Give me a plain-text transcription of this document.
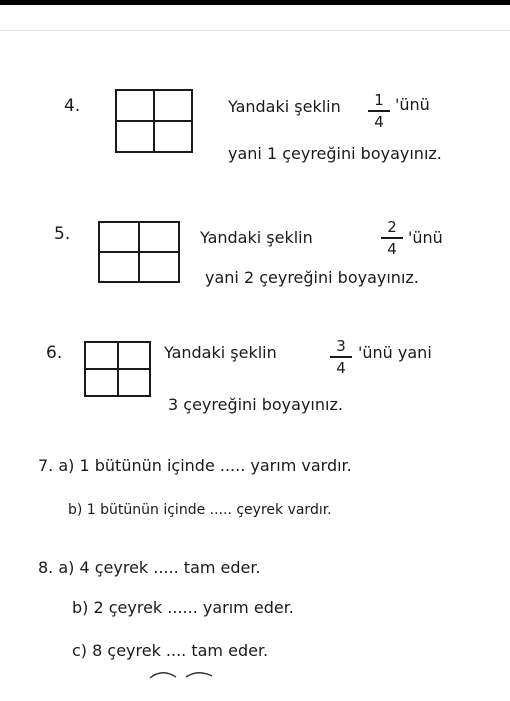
4.	Yandaki şeklin	1
4
'ünü
yani 1 çeyreğini boyayınız.
5.	Yandaki şeklin
2
4
'ünü
yani 2 çeyreğini boyayınız.
6.	Yandaki şeklin	3
4
'ünü yani
3 çeyreğini boyayınız.
7. a) 1 bütünün içinde ..... yarım vardır.
b) 1 bütünün içinde ..... çeyrek vardır.
8. a) 4 çeyrek ..... tam eder.
b) 2 çeyrek ...... yarım eder.
c) 8 çeyrek .... tam eder.
